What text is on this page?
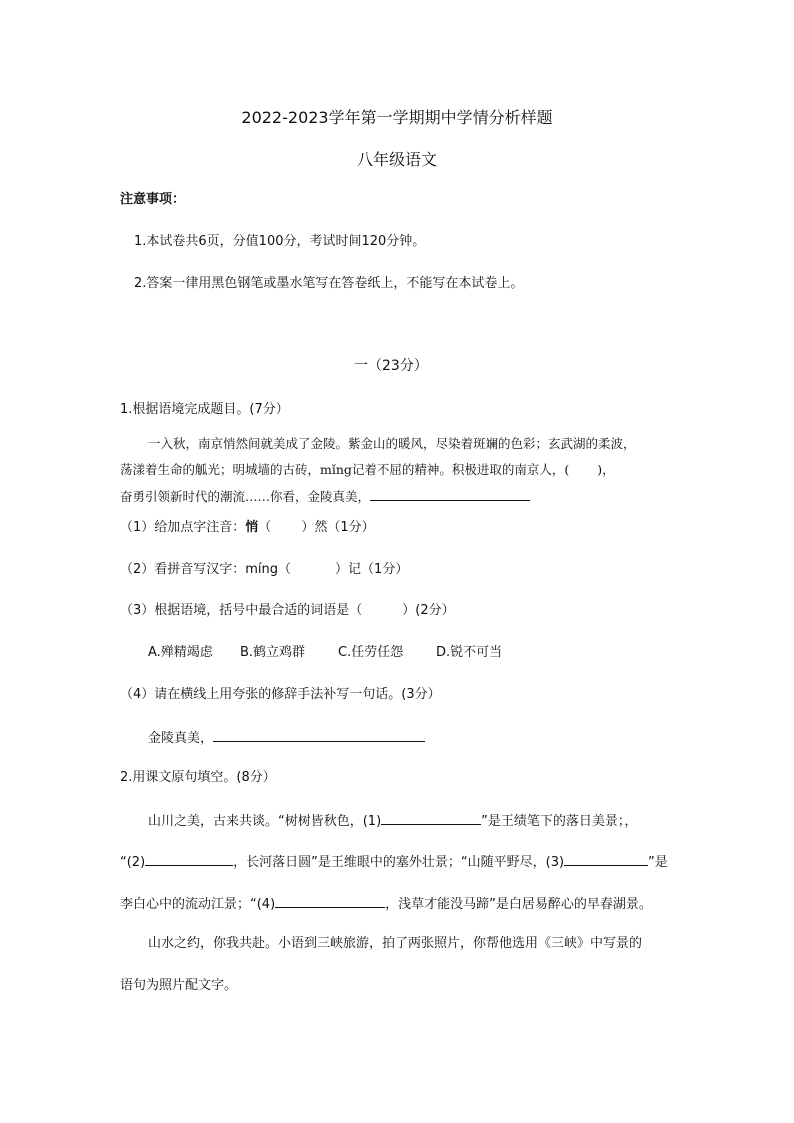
2022-2023学年第一学期期中学情分析样题
八年级语文
注意事项：
1.本试卷共6页，分值100分，考试时间120分钟。
2.答案一律用黑色钢笔或墨水笔写在答卷纸上，不能写在本试卷上。
一（23分）
1.根据语境完成题目。(7分）
一入秋，南京悄然间就美成了金陵。紫金山的暖风，尽染着斑斓的色彩；玄武湖的柔波，
荡漾着生命的觚光；明城墙的古砖，mǐng记着不屈的精神。积极进取的南京人，( )，
奋勇引领新时代的潮流……你看，金陵真美，
（1）给加点字注音：悄（ ）然（1分）
（2）看拼音写汉字：míng（	）记（1分）
（3）根据语境，括号中最合适的词语是（	）(2分）
A.殚精竭虑 B.鹤立鸡群	C.任劳任怨	D.锐不可当
（4）请在横线上用夸张的修辞手法补写一句话。(3分）
金陵真美，
2.用课文原句填空。(8分）
山川之美，古来共谈。“树树皆秋色，(1)	”是王绩笔下的落日美景；，
“(2)	，长河落日圆”是王维眼中的塞外壮景；“山随平野尽，(3)	”是
李白心中的流动江景；“(4)	，浅草才能没马蹄”是白居易醉心的早春湖景。
山水之约，你我共赴。小语到三峡旅游，拍了两张照片，你帮他选用《三峡》中写景的
语句为照片配文字。
